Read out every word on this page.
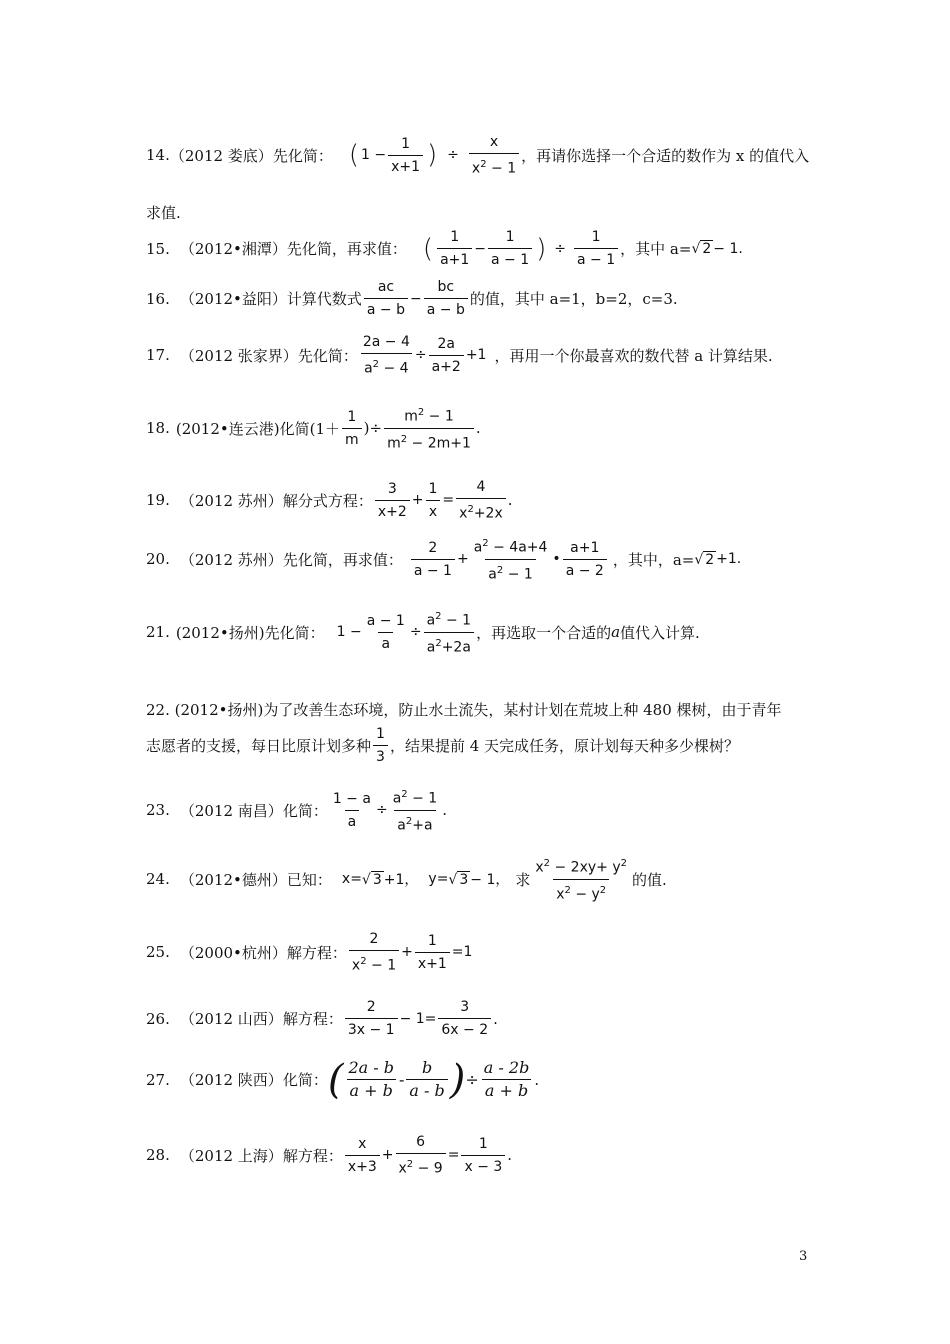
14. （2012 娄底） 先化简： ( 1 −
1
x+1 ) ÷ $\frac{x}{x^2 - 1}$ ，再请你选择一个合适的数作为 x 的值代入
求值.
15. （2012•湘潭） 先化简，再求值： ( 1
a+1
−
1
a − 1 ) ÷ $\frac{1}{a - 1}$ ，其中 a= √ 2 − 1.
16. （2012•益阳） 计算代数式
ac
a − b
−
bc
a − b
的值，其中 a=1，b=2，c=3.
17. （2012 张家界） 先化简：
2a − 4
$a^2 - 4$
÷
2a
a+2
+1 ，再用一个你最喜欢的数代替 a 计算结果.
18. (2012•连云港) 化简(1＋
1
m
)÷
$m^2 - 1$
$m^2 - 2m+1$
.
19. （2012 苏州） 解分式方程：
3
x+2
+
1
x
=
4
$x^2+2x$
.
20. （2012 苏州） 先化简，再求值：
2
a − 1
+
$a^2 - 4a+4$
$a^2 - 1$
•
a+1
a − 2
，其中，a= √ 2 +1.
21. (2012•扬州) 先化简： $1 - \frac{a - 1}{a}$ ÷
$a^2 - 1$
$a^2+2a$
，再选取一个合适的 a 值代入计算.
22. (2012•扬州)为了改善生态环境，防止水土流失，某村计划在荒坡上种 480 棵树，由于青年
志愿者的支援，每日比原计划多种
1
3
，结果提前 4 天完成任务，原计划每天种多少棵树？
23. （2012 南昌） 化简：
1 − a
a
÷
$a^2 - 1$
$a^2+a$
.
24. （2012•德州） 已知： x= √ 3 +1， y= √ 3 − 1， 求
$x^2 - 2xy+ y^2$
$x^2 - y^2$
的值.
25. （2000•杭州） 解方程：
2
$x^2 - 1$
+ $\frac{1}{x+1} =1$
26. （2012 山西） 解方程：
2
3x − 1
− $1= \frac{3}{6x - 2}$ .
27. （2012 陕西） 化简： ( 2a - b
a + b
-
b
a - b ) ÷
a - 2b
a + b
.
28. （2012 上海） 解方程：
x
x+3
+
6
$x^2 - 9$
=
1
x − 3
.
3
